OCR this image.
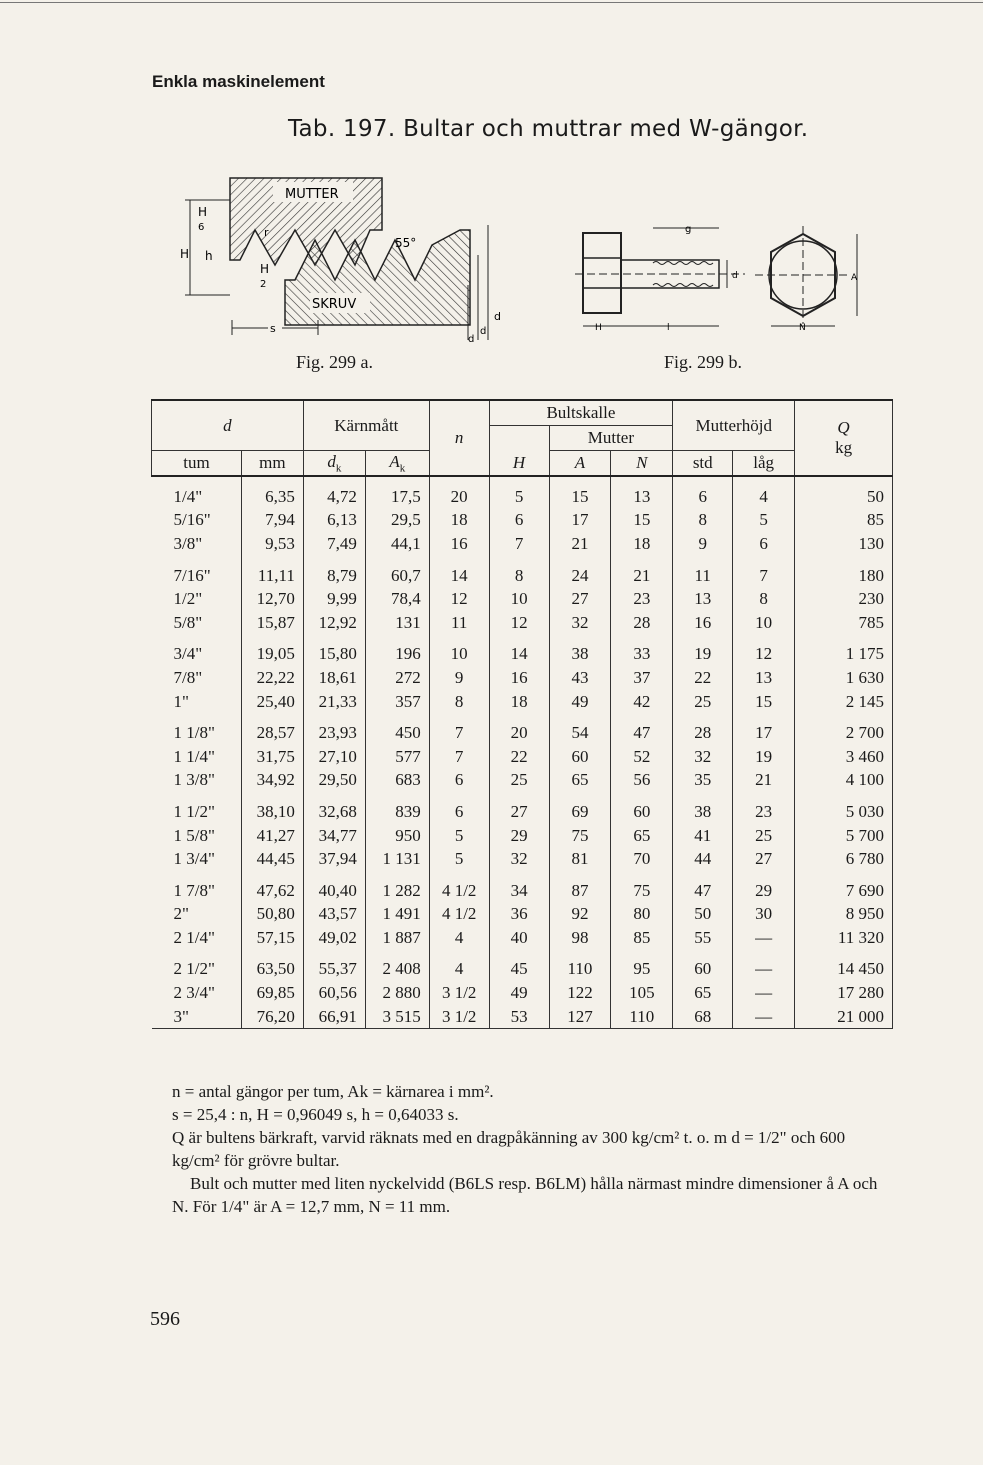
Enkla maskinelement
Tab. 197. Bultar och muttrar med W-gängor.
MUTTER
SKRUV
55°
H
H
6
h
H
2
r
s
d
d
d
Fig. 299 a.
g
d
H	l
A
N
Fig. 299 b.
d		Kärnmått		n	Bultskalle			Mutterhöjd		Q
kg
						Mutter				
tum	mm	$d_k$	$A_k$		H	A	N	std	låg	

1/4"	6,35	4,72	17,5	20	5	15	13	6	4	50
5/16"	7,94	6,13	29,5	18	6	17	15	8	5	85
3/8"	9,53	7,49	44,1	16	7	21	18	9	6	130

7/16"	11,11	8,79	60,7	14	8	24	21	11	7	180
1/2"	12,70	9,99	78,4	12	10	27	23	13	8	230
5/8"	15,87	12,92	131	11	12	32	28	16	10	785

3/4"	19,05	15,80	196	10	14	38	33	19	12	1 175
7/8"	22,22	18,61	272	9	16	43	37	22	13	1 630
1"	25,40	21,33	357	8	18	49	42	25	15	2 145

1 1/8"	28,57	23,93	450	7	20	54	47	28	17	2 700
1 1/4"	31,75	27,10	577	7	22	60	52	32	19	3 460
1 3/8"	34,92	29,50	683	6	25	65	56	35	21	4 100

1 1/2"	38,10	32,68	839	6	27	69	60	38	23	5 030
1 5/8"	41,27	34,77	950	5	29	75	65	41	25	5 700
1 3/4"	44,45	37,94	1 131	5	32	81	70	44	27	6 780

1 7/8"	47,62	40,40	1 282	4 1/2	34	87	75	47	29	7 690
2"	50,80	43,57	1 491	4 1/2	36	92	80	50	30	8 950
2 1/4"	57,15	49,02	1 887	4	40	98	85	55	—	11 320

2 1/2"	63,50	55,37	2 408	4	45	110	95	60	—	14 450
2 3/4"	69,85	60,56	2 880	3 1/2	49	122	105	65	—	17 280
3"	76,20	66,91	3 515	3 1/2	53	127	110	68	—	21 000

n = antal gängor per tum, Ak = kärnarea i mm².

s = 25,4 : n, H = 0,96049 s, h = 0,64033 s.

Q är bultens bärkraft, varvid räknats med en dragpåkänning av 300 kg/cm² t. o. m d = 1/2" och 600 kg/cm² för grövre bultar.

Bult och mutter med liten nyckelvidd (B6LS resp. B6LM) hålla närmast mindre dimensioner å A och N. För 1/4" är A = 12,7 mm, N = 11 mm.

596
